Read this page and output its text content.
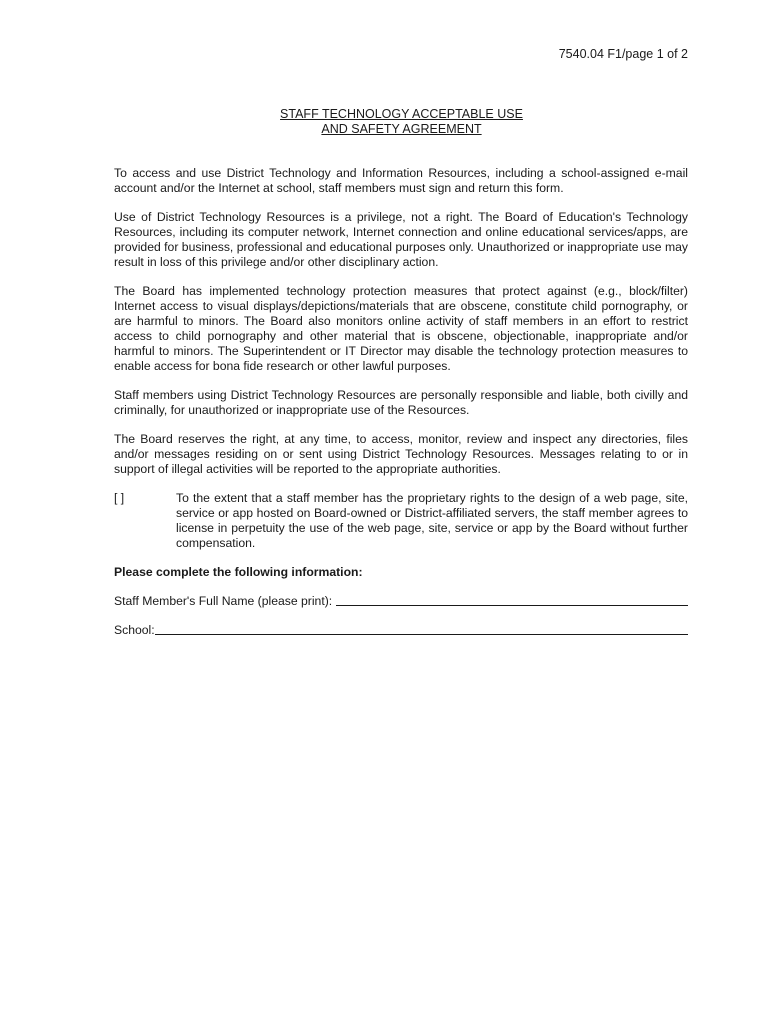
7540.04 F1/page 1 of 2
STAFF TECHNOLOGY ACCEPTABLE USE
AND SAFETY AGREEMENT

To access and use District Technology and Information Resources, including a school-assigned e-mail account and/or the Internet at school, staff members must sign and return this form.

Use of District Technology Resources is a privilege, not a right. The Board of Education's Technology Resources, including its computer network, Internet connection and online educational services/apps, are provided for business, professional and educational purposes only. Unauthorized or inappropriate use may result in loss of this privilege and/or other disciplinary action.

The Board has implemented technology protection measures that protect against (e.g., block/filter) Internet access to visual displays/depictions/materials that are obscene, constitute child pornography, or are harmful to minors. The Board also monitors online activity of staff members in an effort to restrict access to child pornography and other material that is obscene, objectionable, inappropriate and/or harmful to minors. The Superintendent or IT Director may disable the technology protection measures to enable access for bona fide research or other lawful purposes.

Staff members using District Technology Resources are personally responsible and liable, both civilly and criminally, for unauthorized or inappropriate use of the Resources.

The Board reserves the right, at any time, to access, monitor, review and inspect any directories, files and/or messages residing on or sent using District Technology Resources. Messages relating to or in support of illegal activities will be reported to the appropriate authorities.

[ ]	To the extent that a staff member has the proprietary rights to the design of a web page, site, service or app hosted on Board-owned or District-affiliated servers, the staff member agrees to license in perpetuity the use of the web page, site, service or app by the Board without further compensation.
Please complete the following information:
Staff Member's Full Name (please print):
School:
